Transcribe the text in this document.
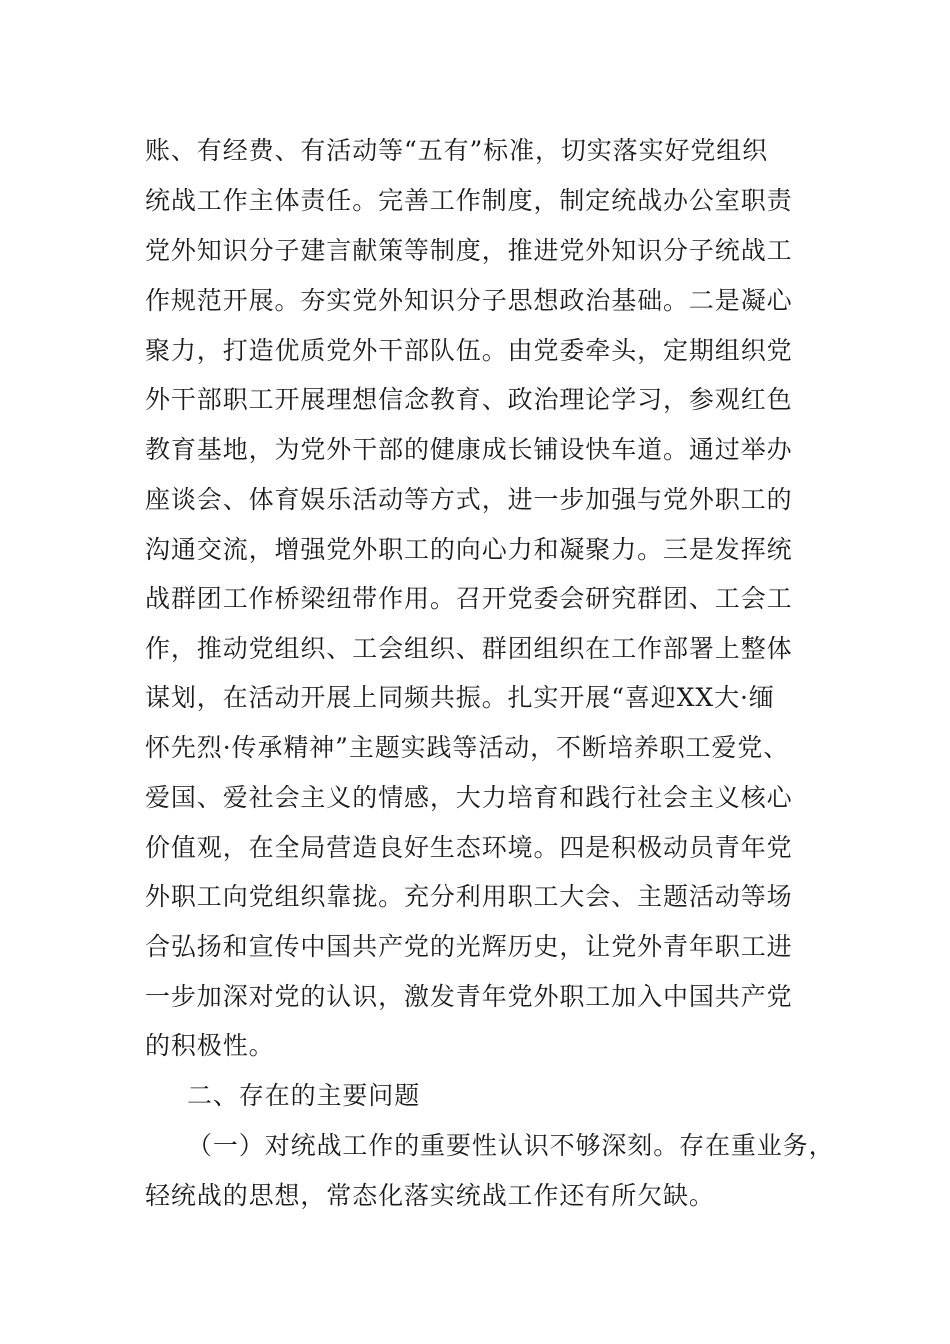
账、有经费、有活动等“五有”标准，切实落实好党组织
统战工作主体责任。完善工作制度，制定统战办公室职责
党外知识分子建言献策等制度，推进党外知识分子统战工
作规范开展。夯实党外知识分子思想政治基础。二是凝心
聚力，打造优质党外干部队伍。由党委牵头，定期组织党
外干部职工开展理想信念教育、政治理论学习，参观红色
教育基地，为党外干部的健康成长铺设快车道。通过举办
座谈会、体育娱乐活动等方式，进一步加强与党外职工的
沟通交流，增强党外职工的向心力和凝聚力。三是发挥统
战群团工作桥梁纽带作用。召开党委会研究群团、工会工
作，推动党组织、工会组织、群团组织在工作部署上整体
谋划，在活动开展上同频共振。扎实开展“喜迎XX大·缅
怀先烈·传承精神”主题实践等活动，不断培养职工爱党、
爱国、爱社会主义的情感，大力培育和践行社会主义核心
价值观，在全局营造良好生态环境。四是积极动员青年党
外职工向党组织靠拢。充分利用职工大会、主题活动等场
合弘扬和宣传中国共产党的光辉历史，让党外青年职工进
一步加深对党的认识，激发青年党外职工加入中国共产党
的积极性。
二、存在的主要问题
（一）对统战工作的重要性认识不够深刻。存在重业务，
轻统战的思想，常态化落实统战工作还有所欠缺。
